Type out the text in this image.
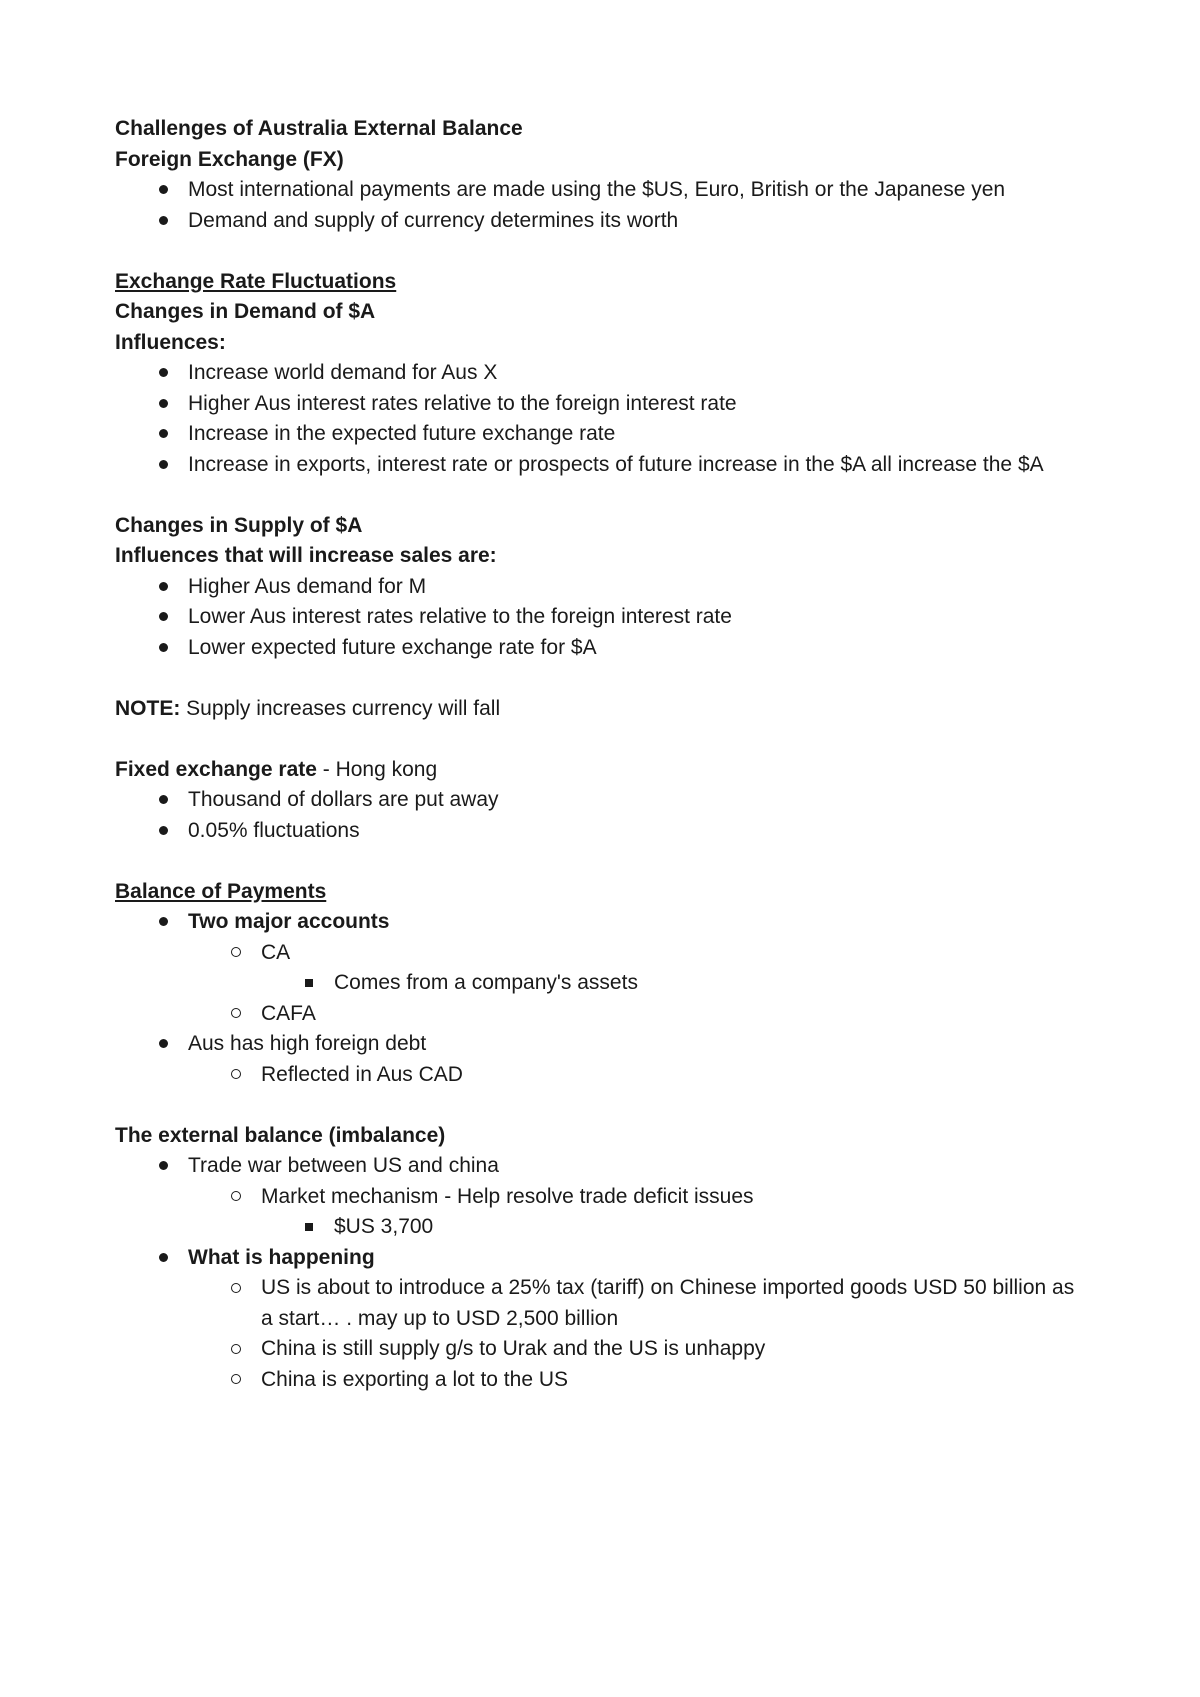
Challenges of Australia External Balance
Foreign Exchange (FX)
Most international payments are made using the $US, Euro, British or the Japanese yen
Demand and supply of currency determines its worth
Exchange Rate Fluctuations
Changes in Demand of $A
Influences:
Increase world demand for Aus X
Higher Aus interest rates relative to the foreign interest rate
Increase in the expected future exchange rate
Increase in exports, interest rate or prospects of future increase in the $A all increase the $A
Changes in Supply of $A
Influences that will increase sales are:
Higher Aus demand for M
Lower Aus interest rates relative to the foreign interest rate
Lower expected future exchange rate for $A
NOTE: Supply increases currency will fall
Fixed exchange rate - Hong kong
Thousand of dollars are put away
0.05% fluctuations
Balance of Payments
Two major accounts
CA
Comes from a company's assets
CAFA
Aus has high foreign debt
Reflected in Aus CAD
The external balance (imbalance)
Trade war between US and china
Market mechanism - Help resolve trade deficit issues
$US 3,700
What is happening
US is about to introduce a 25% tax (tariff) on Chinese imported goods USD 50 billion as a start… . may up to USD 2,500 billion
China is still supply g/s to Urak and the US is unhappy
China is exporting a lot to the US
